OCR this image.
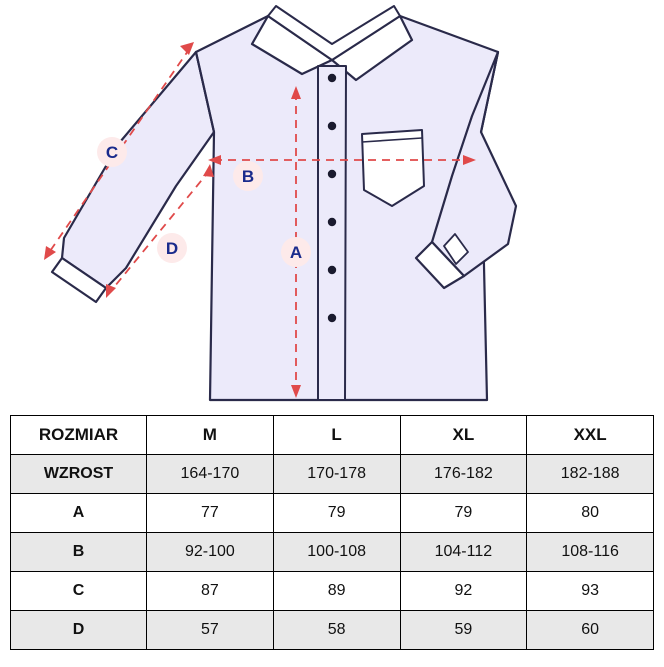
A
B
C
D
ROZMIAR	M	L	XL	XXL
WZROST	164-170	170-178	176-182	182-188
A	77	79	79	80
B	92-100	100-108	104-112	108-116
C	87	89	92	93
D	57	58	59	60
